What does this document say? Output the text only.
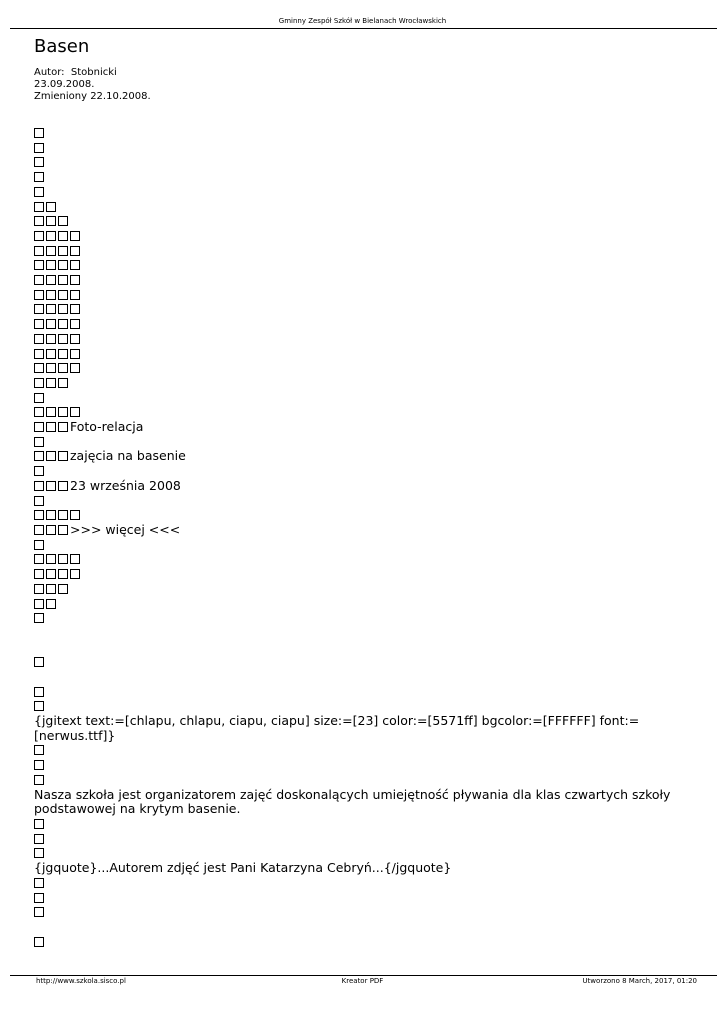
Gminny Zespół Szkół w Bielanach Wrocławskich
Basen
Autor:  Stobnicki
23.09.2008.
Zmieniony 22.10.2008.
Foto-relacja
zajęcia na basenie
23 września 2008
>>> więcej <<<
{jgitext text:=[chlapu, chlapu, ciapu, ciapu] size:=[23] color:=[5571ff] bgcolor:=[FFFFFF] font:=[nerwus.ttf]}
Nasza szkoła jest organizatorem zajęć doskonalących umiejętność pływania dla klas czwartych szkoły podstawowej na krytym basenie.
{jgquote}...Autorem zdjęć jest Pani Katarzyna Cebryń...{/jgquote}
http://www.szkola.sisco.pl	Kreator PDF	Utworzono 8 March, 2017, 01:20
